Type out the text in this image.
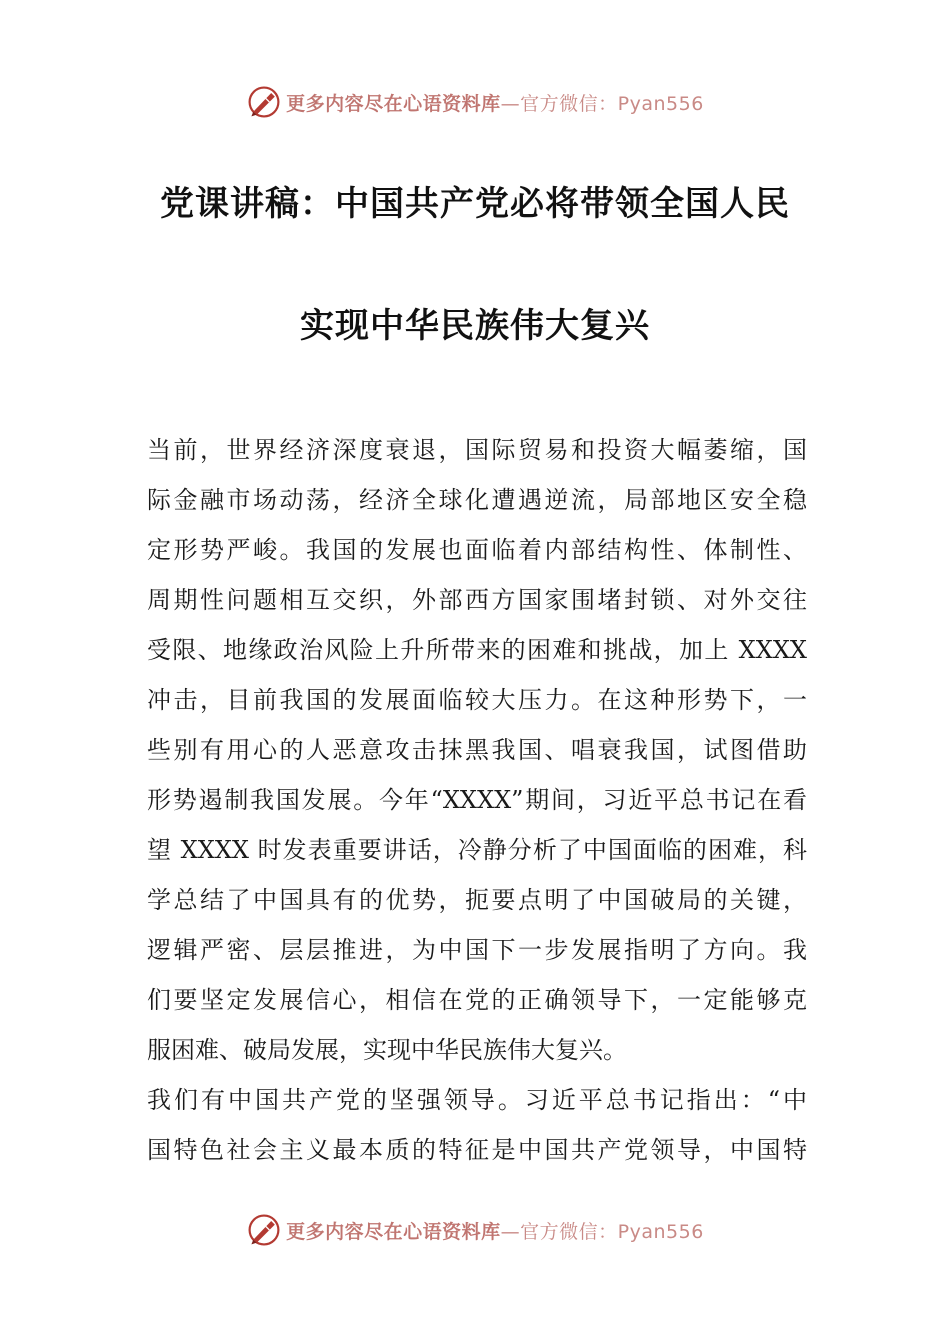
更多内容尽在心语资料库—官方微信：Pyan556
党课讲稿：中国共产党必将带领全国人民
实现中华民族伟大复兴
当前，世界经济深度衰退，国际贸易和投资大幅萎缩，国
际金融市场动荡，经济全球化遭遇逆流，局部地区安全稳
定形势严峻。我国的发展也面临着内部结构性、体制性、
周期性问题相互交织，外部西方国家围堵封锁、对外交往
受限、地缘政治风险上升所带来的困难和挑战，加上 XXXX
冲击，目前我国的发展面临较大压力。在这种形势下，一
些别有用心的人恶意攻击抹黑我国、唱衰我国，试图借助
形势遏制我国发展。今年“XXXX”期间，习近平总书记在看
望 XXXX 时发表重要讲话，冷静分析了中国面临的困难，科
学总结了中国具有的优势，扼要点明了中国破局的关键，
逻辑严密、层层推进，为中国下一步发展指明了方向。我
们要坚定发展信心，相信在党的正确领导下，一定能够克
服困难、破局发展，实现中华民族伟大复兴。
我们有中国共产党的坚强领导。习近平总书记指出：“中
国特色社会主义最本质的特征是中国共产党领导，中国特
更多内容尽在心语资料库—官方微信：Pyan556
